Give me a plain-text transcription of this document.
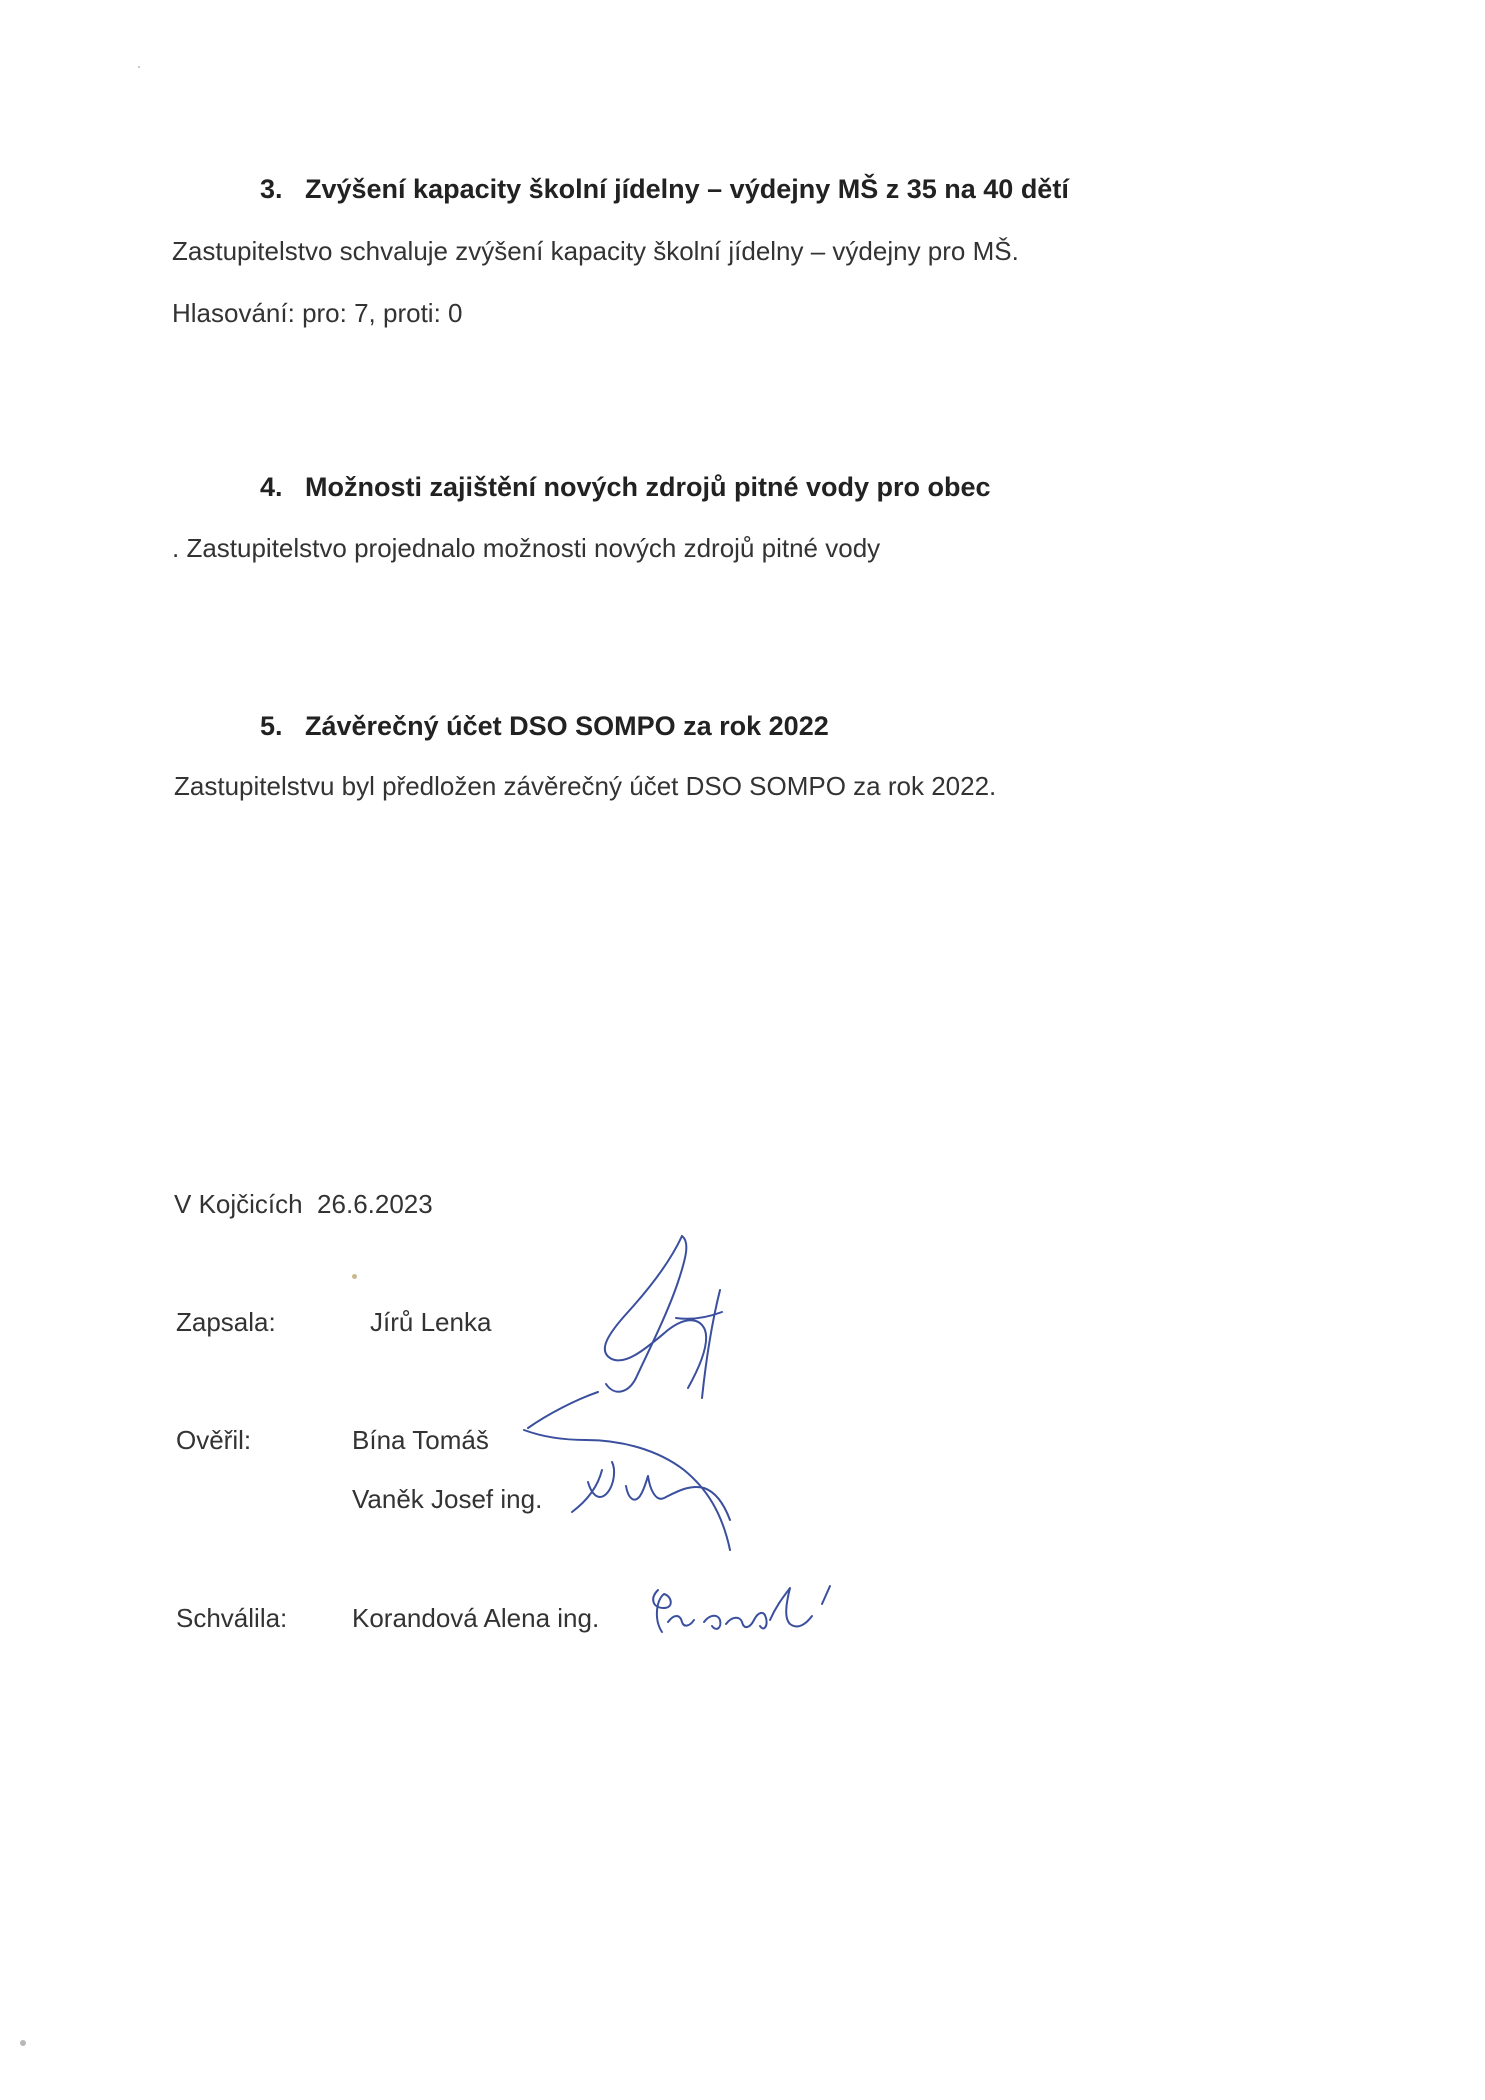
3. Zvýšení kapacity školní jídelny – výdejny MŠ z 35 na 40 dětí
Zastupitelstvo schvaluje zvýšení kapacity školní jídelny – výdejny pro MŠ.
Hlasování: pro: 7, proti: 0
4. Možnosti zajištění nových zdrojů pitné vody pro obec
. Zastupitelstvo projednalo možnosti nových zdrojů pitné vody
5. Závěrečný účet DSO SOMPO za rok 2022
Zastupitelstvu byl předložen závěrečný účet DSO SOMPO za rok 2022.
V Kojčicích  26.6.2023
Zapsala:	Jírů Lenka
Ověřil:	Bína Tomáš
Vaněk Josef ing.
Schválila: Korandová Alena ing.
